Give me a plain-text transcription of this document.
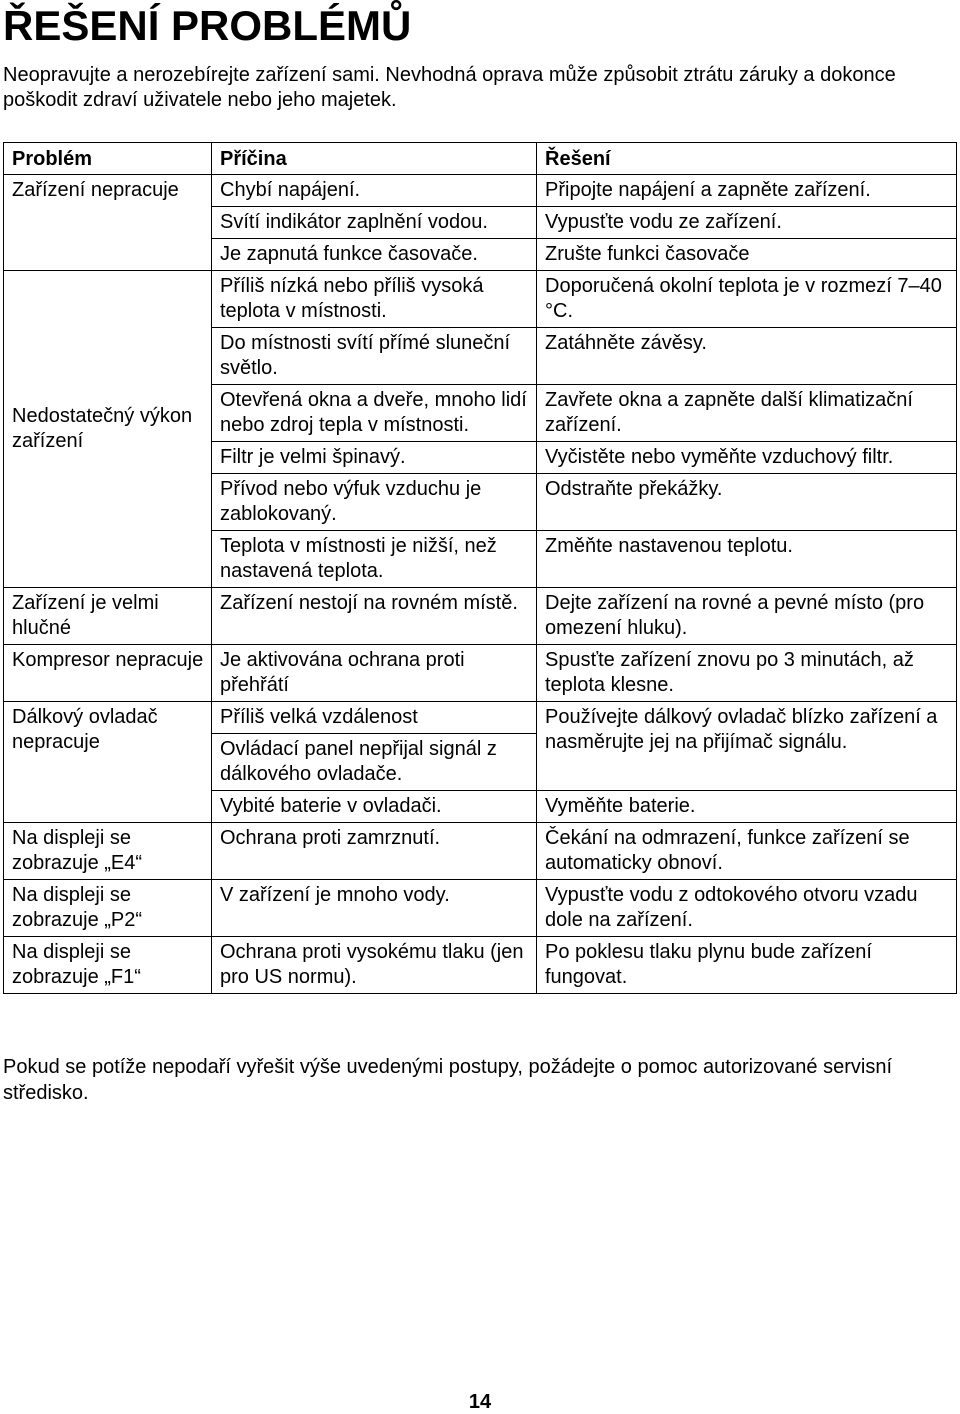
ŘEŠENÍ PROBLÉMŮ
Neopravujte a nerozebírejte zařízení sami. Nevhodná oprava může způsobit ztrátu záruky a dokonce poškodit zdraví uživatele nebo jeho majetek.
Problém	Příčina	Řešení
Zařízení nepracuje	Chybí napájení.	Připojte napájení a zapněte zařízení.
	Svítí indikátor zaplnění vodou.	Vypusťte vodu ze zařízení.
	Je zapnutá funkce časovače.	Zrušte funkci časovače
Nedostatečný výkon zařízení	Příliš nízká nebo příliš vysoká teplota v místnosti.	Doporučená okolní teplota je v rozmezí 7–40 °C.
	Do místnosti svítí přímé sluneční světlo.	Zatáhněte závěsy.
	Otevřená okna a dveře, mnoho lidí nebo zdroj tepla v místnosti.	Zavřete okna a zapněte další klimatizační zařízení.
	Filtr je velmi špinavý.	Vyčistěte nebo vyměňte vzduchový filtr.
	Přívod nebo výfuk vzduchu je zablokovaný.	Odstraňte překážky.
	Teplota v místnosti je nižší, než nastavená teplota.	Změňte nastavenou teplotu.
Zařízení je velmi hlučné	Zařízení nestojí na rovném místě.	Dejte zařízení na rovné a pevné místo (pro omezení hluku).
Kompresor nepracuje	Je aktivována ochrana proti přehřátí	Spusťte zařízení znovu po 3 minutách, až teplota klesne.
Dálkový ovladač nepracuje	Příliš velká vzdálenost	Používejte dálkový ovladač blízko zařízení a nasměrujte jej na přijímač signálu.
	Ovládací panel nepřijal signál z dálkového ovladače.	
	Vybité baterie v ovladači.	Vyměňte baterie.
Na displeji se zobrazuje „E4“	Ochrana proti zamrznutí.	Čekání na odmrazení, funkce zařízení se automaticky obnoví.
Na displeji se zobrazuje „P2“	V zařízení je mnoho vody.	Vypusťte vodu z odtokového otvoru vzadu dole na zařízení.
Na displeji se zobrazuje „F1“	Ochrana proti vysokému tlaku (jen pro US normu).	Po poklesu tlaku plynu bude zařízení fungovat.
Pokud se potíže nepodaří vyřešit výše uvedenými postupy, požádejte o pomoc autorizované servisní středisko.
14
